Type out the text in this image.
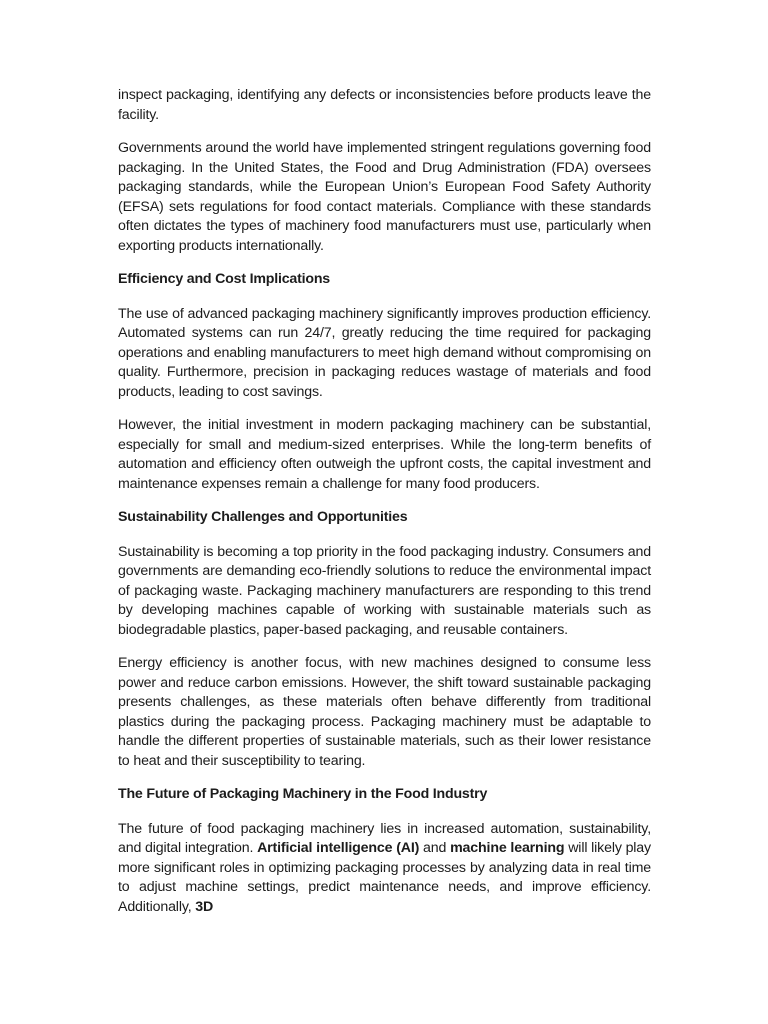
inspect packaging, identifying any defects or inconsistencies before products leave the facility.

Governments around the world have implemented stringent regulations governing food packaging. In the United States, the Food and Drug Administration (FDA) oversees packaging standards, while the European Union’s European Food Safety Authority (EFSA) sets regulations for food contact materials. Compliance with these standards often dictates the types of machinery food manufacturers must use, particularly when exporting products internationally.

Efficiency and Cost Implications

The use of advanced packaging machinery significantly improves production efficiency. Automated systems can run 24/7, greatly reducing the time required for packaging operations and enabling manufacturers to meet high demand without compromising on quality. Furthermore, precision in packaging reduces wastage of materials and food products, leading to cost savings.

However, the initial investment in modern packaging machinery can be substantial, especially for small and medium-sized enterprises. While the long-term benefits of automation and efficiency often outweigh the upfront costs, the capital investment and maintenance expenses remain a challenge for many food producers.

Sustainability Challenges and Opportunities

Sustainability is becoming a top priority in the food packaging industry. Consumers and governments are demanding eco-friendly solutions to reduce the environmental impact of packaging waste. Packaging machinery manufacturers are responding to this trend by developing machines capable of working with sustainable materials such as biodegradable plastics, paper-based packaging, and reusable containers.

Energy efficiency is another focus, with new machines designed to consume less power and reduce carbon emissions. However, the shift toward sustainable packaging presents challenges, as these materials often behave differently from traditional plastics during the packaging process. Packaging machinery must be adaptable to handle the different properties of sustainable materials, such as their lower resistance to heat and their susceptibility to tearing.

The Future of Packaging Machinery in the Food Industry

The future of food packaging machinery lies in increased automation, sustainability, and digital integration. Artificial intelligence (AI) and machine learning will likely play more significant roles in optimizing packaging processes by analyzing data in real time to adjust machine settings, predict maintenance needs, and improve efficiency. Additionally, 3D
